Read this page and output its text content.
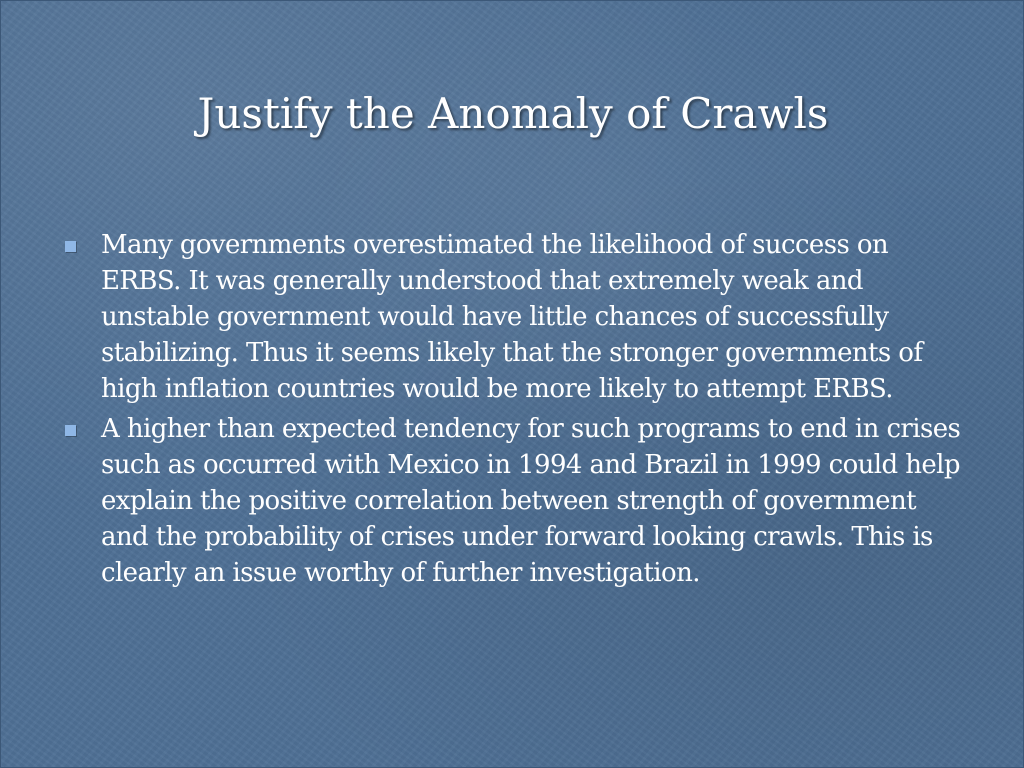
Justify the Anomaly of Crawls
Many governments overestimated the likelihood of success on ERBS. It was generally understood that extremely weak and unstable government would have little chances of successfully stabilizing. Thus it seems likely that the stronger governments of high inflation countries would be more likely to attempt ERBS.
A higher than expected tendency for such programs to end in crises such as occurred with Mexico in 1994 and Brazil in 1999 could help explain the positive correlation between strength of government and the probability of crises under forward looking crawls. This is clearly an issue worthy of further investigation.
